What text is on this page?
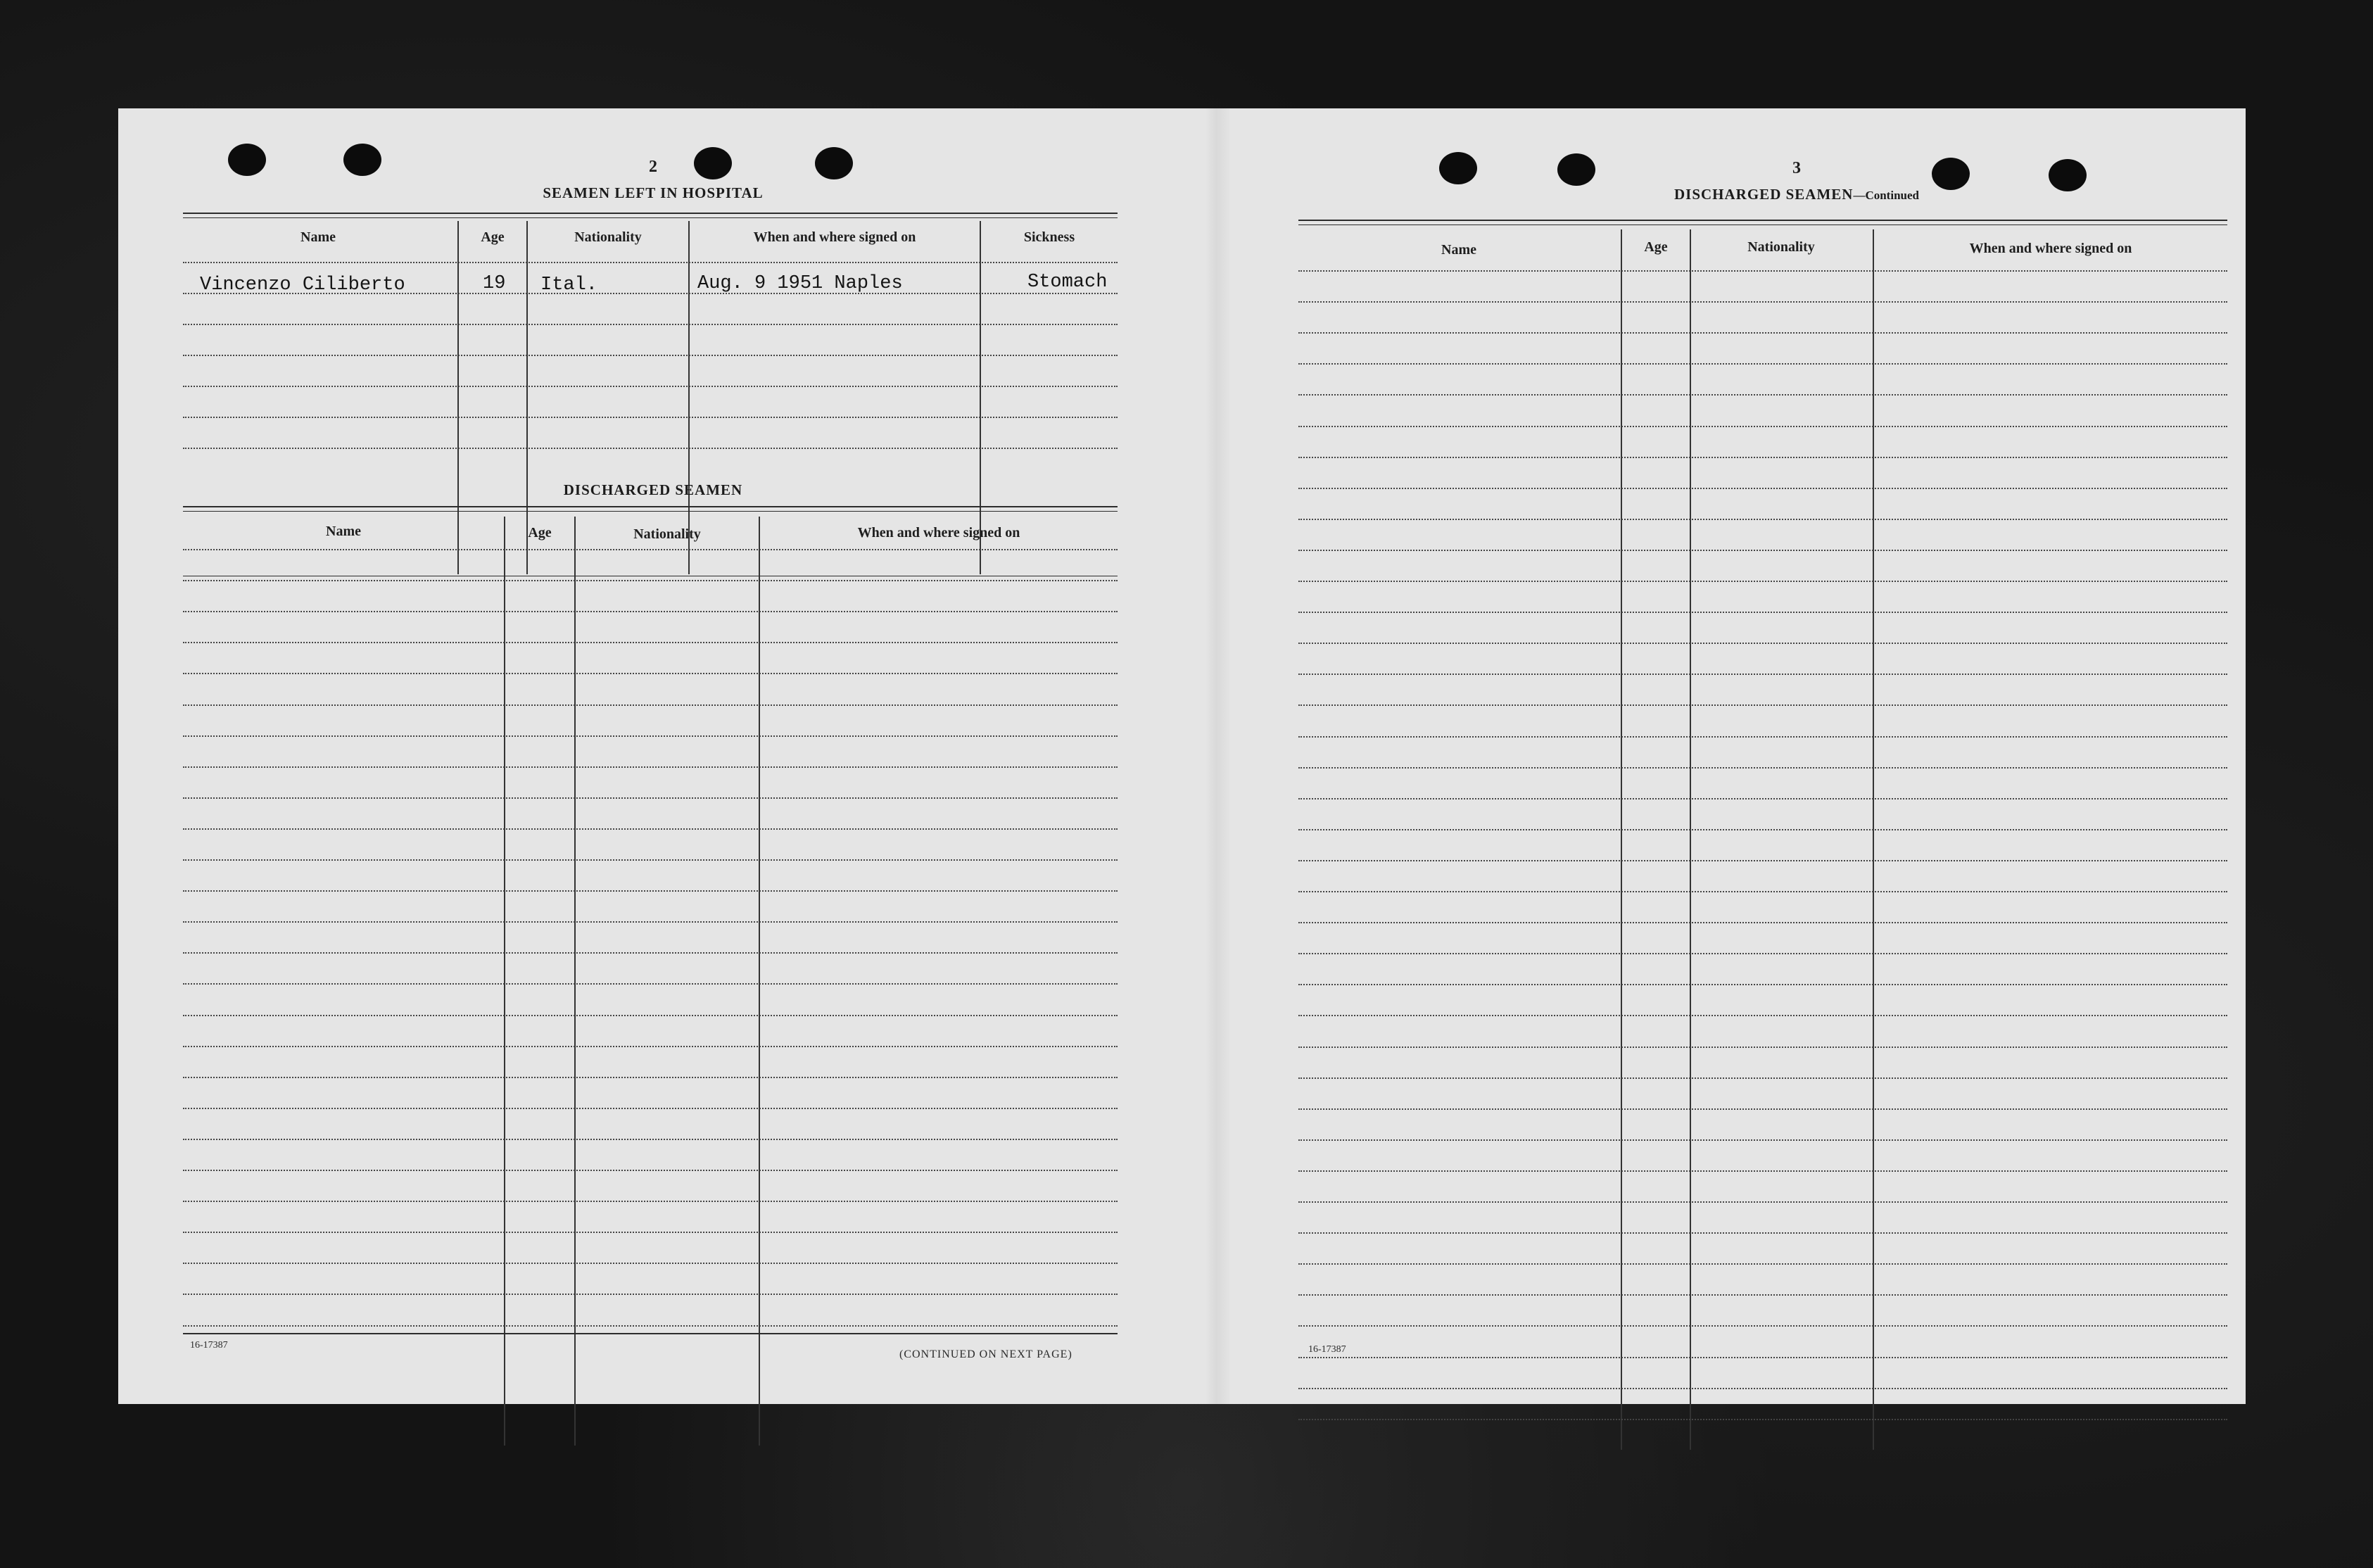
2
SEAMEN LEFT IN HOSPITAL
Name	Age	Nationality	When and where signed on	Sickness
Vincenzo Ciliberto	19 Ital.	Aug. 9 1951 Naples	Stomach
DISCHARGED SEAMEN
Name	Age	Nationality	When and where signed on
16-17387
(CONTINUED ON NEXT PAGE)
3
DISCHARGED SEAMEN—Continued
Name	Age	Nationality	When and where signed on
16-17387
